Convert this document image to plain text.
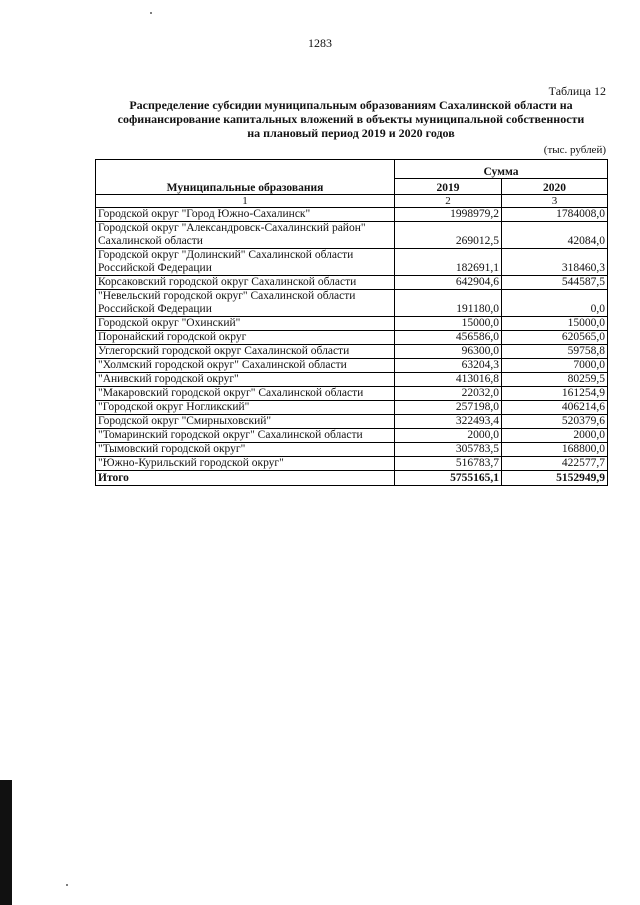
1283
Таблица 12
Распределение субсидии муниципальным образованиям Сахалинской области на
софинансирование капитальных вложений в объекты муниципальной собственности
на плановый период 2019 и 2020 годов
(тыс. рублей)
Муниципальные образования	Сумма	
	2019	2020
1	2	3
Городской округ "Город Южно-Сахалинск"	1998979,2	1784008,0
Городской округ "Александровск-Сахалинский район" Сахалинской области	269012,5	42084,0
Городской округ "Долинский" Сахалинской области Российской Федерации	182691,1	318460,3
Корсаковский городской округ Сахалинской области	642904,6	544587,5
"Невельский городской округ" Сахалинской области Российской Федерации	191180,0	0,0
Городской округ "Охинский"	15000,0	15000,0
Поронайский городской округ	456586,0	620565,0
Углегорский городской округ Сахалинской области	96300,0	59758,8
"Холмский городской округ" Сахалинской области	63204,3	7000,0
"Анивский городской округ"	413016,8	80259,5
"Макаровский городской округ" Сахалинской области	22032,0	161254,9
"Городской округ Ногликский"	257198,0	406214,6
Городской округ "Смирныховский"	322493,4	520379,6
"Томаринский городской округ" Сахалинской области	2000,0	2000,0
"Тымовский городской округ"	305783,5	168800,0
"Южно-Курильский городской округ"	516783,7	422577,7
Итого	5755165,1	5152949,9
